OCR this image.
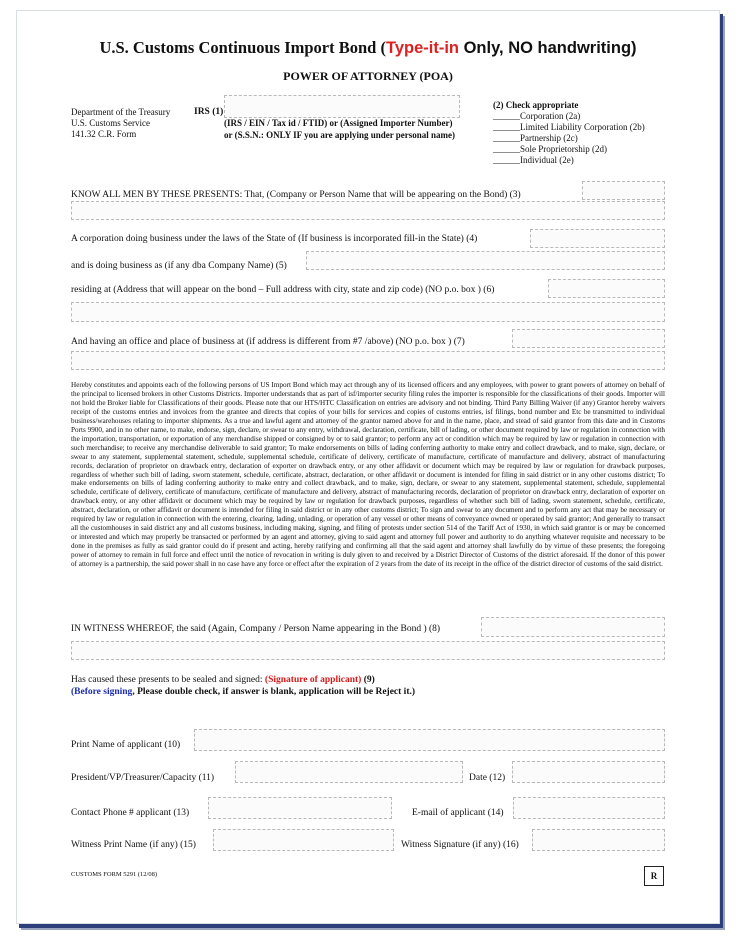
U.S. Customs Continuous Import Bond (Type-it-in Only, NO handwriting)
POWER OF ATTORNEY (POA)
Department of the Treasury
U.S. Customs Service
141.32 C.R. Form
IRS (1)
(IRS / EIN / Tax id / FTID) or (Assigned Importer Number)
or (S.S.N.: ONLY IF you are applying under personal name)
(2) Check appropriate
______Corporation (2a)
______Limited Liability Corporation (2b)
______Partnership (2c)
______Sole Proprietorship (2d)
______Individual (2e)
KNOW ALL MEN BY THESE PRESENTS: That, (Company or Person Name that will be appearing on the Bond) (3)
A corporation doing business under the laws of the State of (If business is incorporated fill-in the State) (4)
and is doing business as (if any dba Company Name) (5)
residing at (Address that will appear on the bond – Full address with city, state and zip code) (NO p.o. box ) (6)
And having an office and place of business at (if address is different from #7 /above) (NO p.o. box ) (7)
Hereby constitutes and appoints each of the following persons of US Import Bond which may act through any of its licensed officers and any employees, with power to grant powers of attorney on behalf of the principal to licensed brokers in other Customs Districts. Importer understands that as part of isf/importer security filing rules the importer is responsible for the classifications of their goods. Importer will not hold the Broker liable for Classifications of their goods. Please note that our HTS/HTC Classification on entries are advisory and not binding. Third Party Billing Waiver (if any) Grantor hereby waivers receipt of the customs entries and invoices from the grantee and directs that copies of your bills for services and copies of customs entries, isf filings, bond number and Etc be transmitted to individual business/warehouses relating to importer shipments. As a true and lawful agent and attorney of the grantor named above for and in the name, place, and stead of said grantor from this date and in Customs Ports 9900, and in no other name, to make, endorse, sign, declare, or swear to any entry, withdrawal, declaration, certificate, bill of lading, or other document required by law or regulation in connection with the importation, transportation, or exportation of any merchandise shipped or consigned by or to said grantor; to perform any act or condition which may be required by law or regulation in connection with such merchandise; to receive any merchandise deliverable to said grantor; To make endorsements on bills of lading conferring authority to make entry and collect drawback, and to make, sign, declare, or swear to any statement, supplemental statement, schedule, supplemental schedule, certificate of delivery, certificate of manufacture, certificate of manufacture and delivery, abstract of manufacturing records, declaration of proprietor on drawback entry, declaration of exporter on drawback entry, or any other affidavit or document which may be required by law or regulation for drawback purposes, regardless of whether such bill of lading, sworn statement, schedule, certificate, abstract, declaration, or other affidavit or document is intended for filing in said district or in any other customs district; To make endorsements on bills of lading conferring authority to make entry and collect drawback, and to make, sign, declare, or swear to any statement, supplemental statement, schedule, supplemental schedule, certificate of delivery, certificate of manufacture, certificate of manufacture and delivery, abstract of manufacturing records, declaration of proprietor on drawback entry, declaration of exporter on drawback entry, or any other affidavit or document which may be required by law or regulation for drawback purposes, regardless of whether such bill of lading, sworn statement, schedule, certificate, abstract, declaration, or other affidavit or document is intended for filing in said district or in any other customs district; To sign and swear to any document and to perform any act that may be necessary or required by law or regulation in connection with the entering, clearing, lading, unlading, or operation of any vessel or other means of conveyance owned or operated by said grantor; And generally to transact all the customhouses in said district any and all customs business, including making, signing, and filing of protests under section 514 of the Tariff Act of 1930, in which said grantor is or may be concerned or interested and which may properly be transacted or performed by an agent and attorney, giving to said agent and attorney full power and authority to do anything whatever requisite and necessary to be done in the premises as fully as said grantor could do if present and acting, hereby ratifying and confirming all that the said agent and attorney shall lawfully do by virtue of these presents; the foregoing power of attorney to remain in full force and effect until the notice of revocation in writing is duly given to and received by a District Director of Customs of the district aforesaid. If the donor of this power of attorney is a partnership, the said power shall in no case have any force or effect after the expiration of 2 years from the date of its receipt in the office of the district director of customs of the said district.
IN WITNESS WHEREOF, the said (Again, Company / Person Name appearing in the Bond ) (8)
Has caused these presents to be sealed and signed: (Signature of applicant) (9)
(Before signing, Please double check, if answer is blank, application will be Reject it.)
Print Name of applicant (10)
President/VP/Treasurer/Capacity (11)	Date (12)
Contact Phone # applicant (13)	E-mail of applicant (14)
Witness Print Name (if any) (15)	Witness Signature (if any) (16)
CUSTOMS FORM 5291 (12/08)	R
